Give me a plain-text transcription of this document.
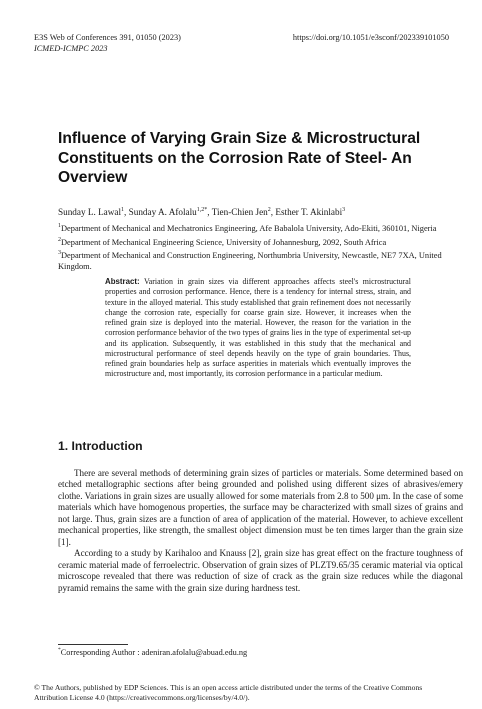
E3S Web of Conferences 391, 01050 (2023)
ICMED-ICMPC 2023
https://doi.org/10.1051/e3sconf/202339101050
Influence of Varying Grain Size & Microstructural Constituents on the Corrosion Rate of Steel- An Overview
Sunday L. Lawal$^1$, Sunday A. Afolalu$^{1,2*}$, Tien-Chien Jen$^2$, Esther T. Akinlabi$^3$

$^1$Department of Mechanical and Mechatronics Engineering, Afe Babalola University, Ado-Ekiti, 360101, Nigeria

$^2$Department of Mechanical Engineering Science, University of Johannesburg, 2092, South Africa

$^3$Department of Mechanical and Construction Engineering, Northumbria University, Newcastle, NE7 7XA, United Kingdom.

Abstract: Variation in grain sizes via different approaches affects steel's microstructural properties and corrosion performance. Hence, there is a tendency for internal stress, strain, and texture in the alloyed material. This study established that grain refinement does not necessarily change the corrosion rate, especially for coarse grain size. However, it increases when the refined grain size is deployed into the material. However, the reason for the variation in the corrosion performance behavior of the two types of grains lies in the type of experimental set-up and its application. Subsequently, it was established in this study that the mechanical and microstructural performance of steel depends heavily on the type of grain boundaries. Thus, refined grain boundaries help as surface asperities in materials which eventually improves the microstructure and, most importantly, its corrosion performance in a particular medium.
1. Introduction

There are several methods of determining grain sizes of particles or materials. Some determined based on etched metallographic sections after being grounded and polished using different sizes of abrasives/emery clothe. Variations in grain sizes are usually allowed for some materials from 2.8 to 500 μm. In the case of some materials which have homogenous properties, the surface may be characterized with small sizes of grains and not large. Thus, grain sizes are a function of area of application of the material. However, to achieve excellent mechanical properties, like strength, the smallest object dimension must be ten times larger than the grain size [1].

According to a study by Karihaloo and Knauss [2], grain size has great effect on the fracture toughness of ceramic material made of ferroelectric. Observation of grain sizes of PLZT9.65/35 ceramic material via optical microscope revealed that there was reduction of size of crack as the grain size reduces while the diagonal pyramid remains the same with the grain size during hardness test.

*Corresponding Author : adeniran.afolalu@abuad.edu.ng
© The Authors, published by EDP Sciences. This is an open access article distributed under the terms of the Creative Commons Attribution License 4.0 (https://creativecommons.org/licenses/by/4.0/).
